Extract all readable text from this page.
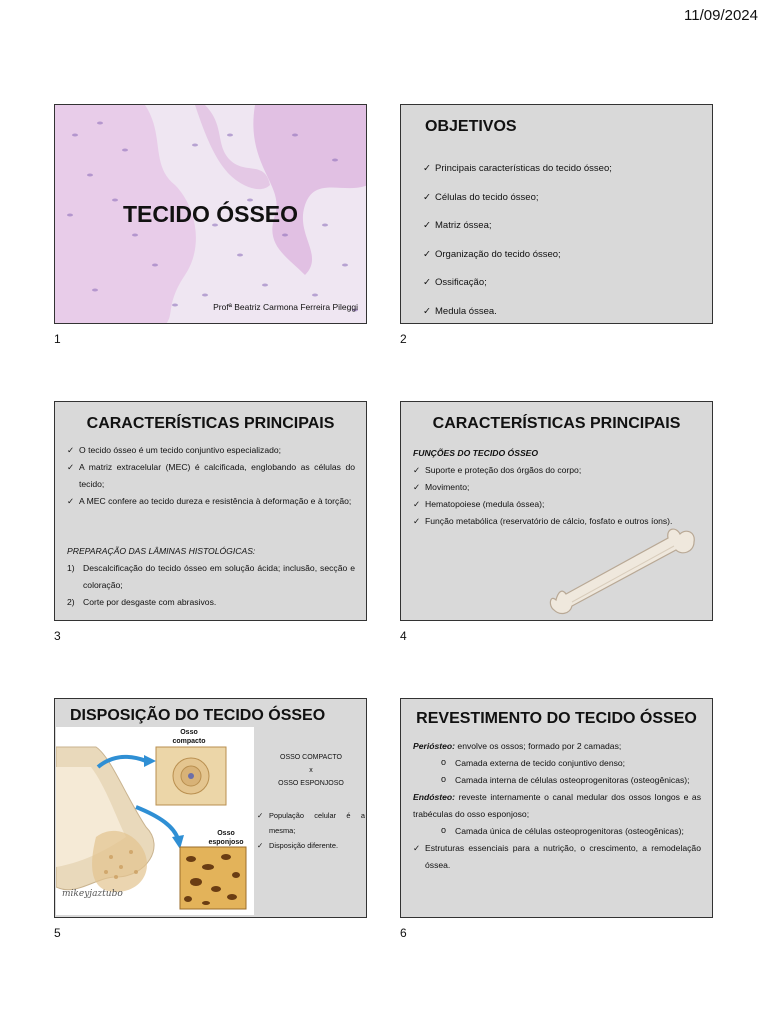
11/09/2024
TECIDO ÓSSEO
Profª Beatriz Carmona Ferreira Pileggi
1
OBJETIVOS
✓ Principais características do tecido ósseo;
✓ Células do tecido ósseo;
✓ Matriz óssea;
✓ Organização do tecido ósseo;
✓ Ossificação;
✓ Medula óssea.
2
CARACTERÍSTICAS PRINCIPAIS
✓ O tecido ósseo é um tecido conjuntivo especializado;
✓ A matriz extracelular (MEC) é calcificada, englobando as células do tecido;
✓ A MEC confere ao tecido dureza e resistência à deformação e à torção;
PREPARAÇÃO DAS LÂMINAS HISTOLÓGICAS:
1) Descalcificação do tecido ósseo em solução ácida; inclusão, secção e coloração;
2) Corte por desgaste com abrasivos.
3
CARACTERÍSTICAS PRINCIPAIS
FUNÇÕES DO TECIDO ÓSSEO
✓ Suporte e proteção dos órgãos do corpo;
✓ Movimento;
✓ Hematopoiese (medula óssea);
✓ Função metabólica (reservatório de cálcio, fosfato e outros íons).
4
DISPOSIÇÃO DO TECIDO ÓSSEO
Osso compacto
Osso esponjoso
mikeyjaztubo
OSSO COMPACTO
x
OSSO ESPONJOSO
✓ População celular é a mesma;
✓ Disposição diferente.
5
REVESTIMENTO DO TECIDO ÓSSEO
Periósteo: envolve os ossos; formado por 2 camadas;
o Camada externa de tecido conjuntivo denso;
o Camada interna de células osteoprogenitoras (osteogênicas);
Endósteo: reveste internamente o canal medular dos ossos longos e as trabéculas do osso esponjoso;
o Camada única de células osteoprogenitoras (osteogênicas);
✓ Estruturas essenciais para a nutrição, o crescimento, a remodelação óssea.
6
